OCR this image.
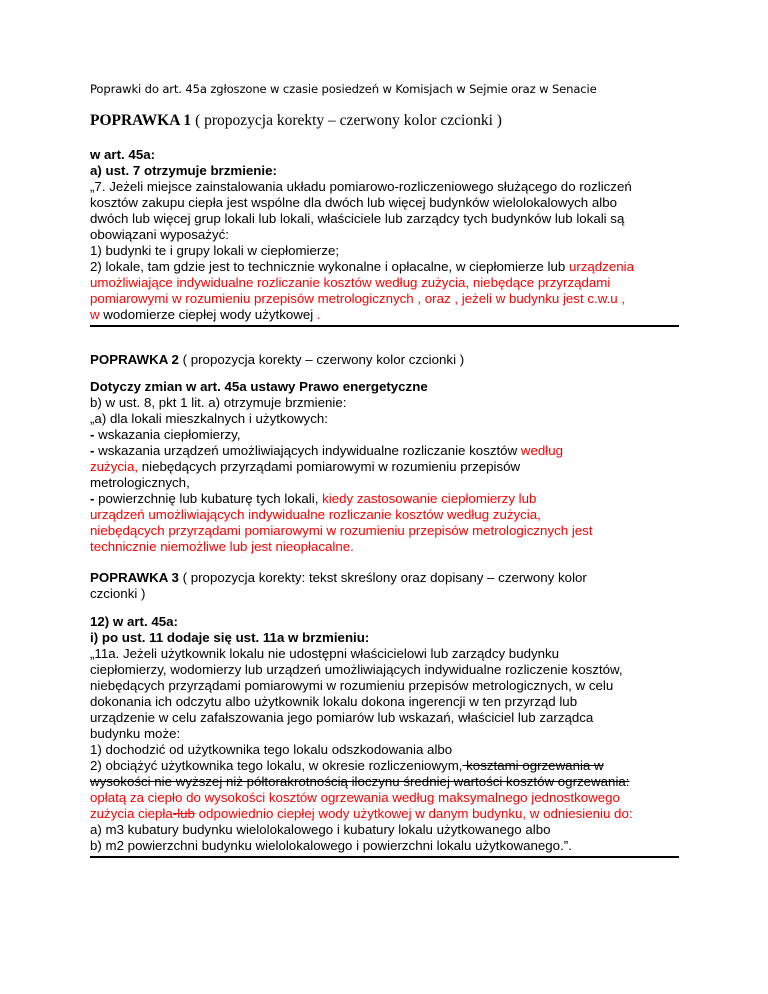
Poprawki do art. 45a zgłoszone w czasie posiedzeń w Komisjach w Sejmie oraz w Senacie
POPRAWKA 1 ( propozycja korekty – czerwony kolor czcionki )

w art. 45a:

a) ust. 7 otrzymuje brzmienie:

„7. Jeżeli miejsce zainstalowania układu pomiarowo-rozliczeniowego służącego do rozliczeń

kosztów zakupu ciepła jest wspólne dla dwóch lub więcej budynków wielolokalowych albo

dwóch lub więcej grup lokali lub lokali, właściciele lub zarządcy tych budynków lub lokali są

obowiązani wyposażyć:

1) budynki te i grupy lokali w ciepłomierze;

2) lokale, tam gdzie jest to technicznie wykonalne i opłacalne, w ciepłomierze lub urządzenia

umożliwiające indywidualne rozliczanie kosztów według zużycia, niebędące przyrządami

pomiarowymi w rozumieniu przepisów metrologicznych , oraz , jeżeli w budynku jest c.w.u ,

w wodomierze ciepłej wody użytkowej .

POPRAWKA 2 ( propozycja korekty – czerwony kolor czcionki )

Dotyczy zmian w art. 45a ustawy Prawo energetyczne

b) w ust. 8, pkt 1 lit. a) otrzymuje brzmienie:

„a) dla lokali mieszkalnych i użytkowych:

- wskazania ciepłomierzy,

- wskazania urządzeń umożliwiających indywidualne rozliczanie kosztów według

zużycia, niebędących przyrządami pomiarowymi w rozumieniu przepisów

metrologicznych,

- powierzchnię lub kubaturę tych lokali, kiedy zastosowanie ciepłomierzy lub

urządzeń umożliwiających indywidualne rozliczanie kosztów według zużycia,

niebędących przyrządami pomiarowymi w rozumieniu przepisów metrologicznych jest

technicznie niemożliwe lub jest nieopłacalne.

POPRAWKA 3 ( propozycja korekty: tekst skreślony oraz dopisany – czerwony kolor

czcionki )

12) w art. 45a:

i) po ust. 11 dodaje się ust. 11a w brzmieniu:

„11a. Jeżeli użytkownik lokalu nie udostępni właścicielowi lub zarządcy budynku

ciepłomierzy, wodomierzy lub urządzeń umożliwiających indywidualne rozliczenie kosztów,

niebędących przyrządami pomiarowymi w rozumieniu przepisów metrologicznych, w celu

dokonania ich odczytu albo użytkownik lokalu dokona ingerencji w ten przyrząd lub

urządzenie w celu zafałszowania jego pomiarów lub wskazań, właściciel lub zarządca

budynku może:

1) dochodzić od użytkownika tego lokalu odszkodowania albo

2) obciążyć użytkownika tego lokalu, w okresie rozliczeniowym, kosztami ogrzewania w

wysokości nie wyższej niż półtorakrotnością iloczynu średniej wartości kosztów ogrzewania:

opłatą za ciepło do wysokości kosztów ogrzewania według maksymalnego jednostkowego

zużycia ciepła-lub odpowiednio ciepłej wody użytkowej w danym budynku, w odniesieniu do:

a) m3 kubatury budynku wielolokalowego i kubatury lokalu użytkowanego albo

b) m2 powierzchni budynku wielolokalowego i powierzchni lokalu użytkowanego.”.
